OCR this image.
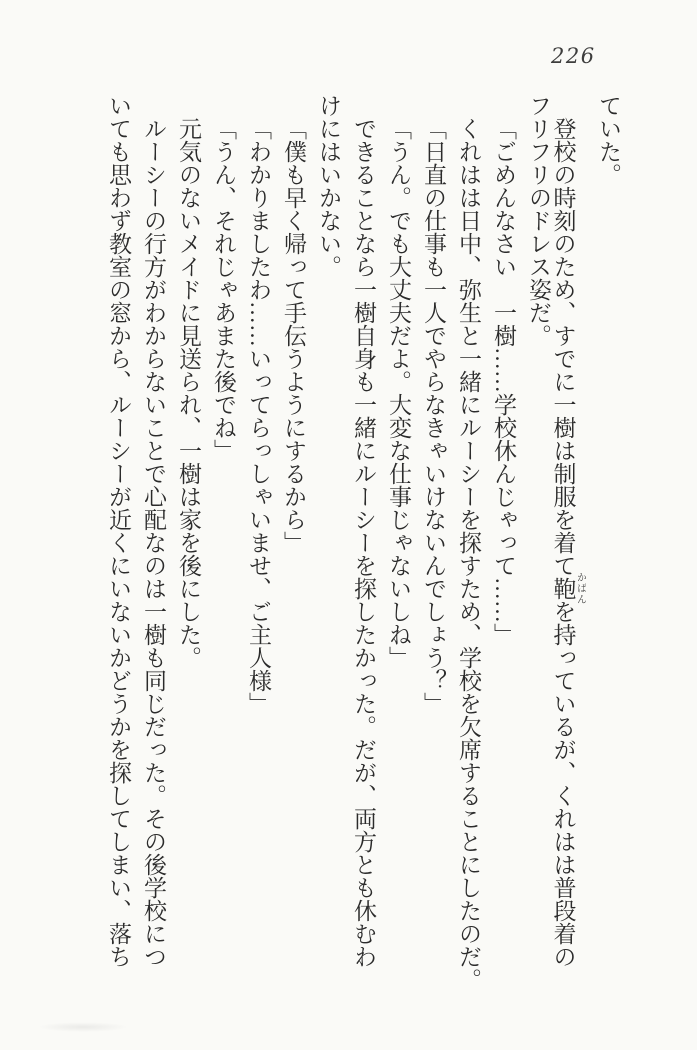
226
ていた。
登校の時刻のため、すでに一樹は制服を着て鞄 かばんを持っているが、くれはは普段着の
フリフリのドレス姿だ。
「ごめんなさい　一樹……学校休んじゃって……」
くれはは日中、弥生と一緒にルーシーを探すため、学校を欠席することにしたのだ。
「日直の仕事も一人でやらなきゃいけないんでしょう？」
「うん。でも大丈夫だよ。大変な仕事じゃないしね」
できることなら一樹自身も一緒にルーシーを探したかった。だが、両方とも休むわ
けにはいかない。
「僕も早く帰って手伝うようにするから」
「わかりましたわ……いってらっしゃいませ、ご主人様」
「うん、それじゃあまた後でね」
元気のないメイドに見送られ、一樹は家を後にした。
ルーシーの行方がわからないことで心配なのは一樹も同じだった。その後学校につ
いても思わず教室の窓から、ルーシーが近くにいないかどうかを探してしまい、落ち
